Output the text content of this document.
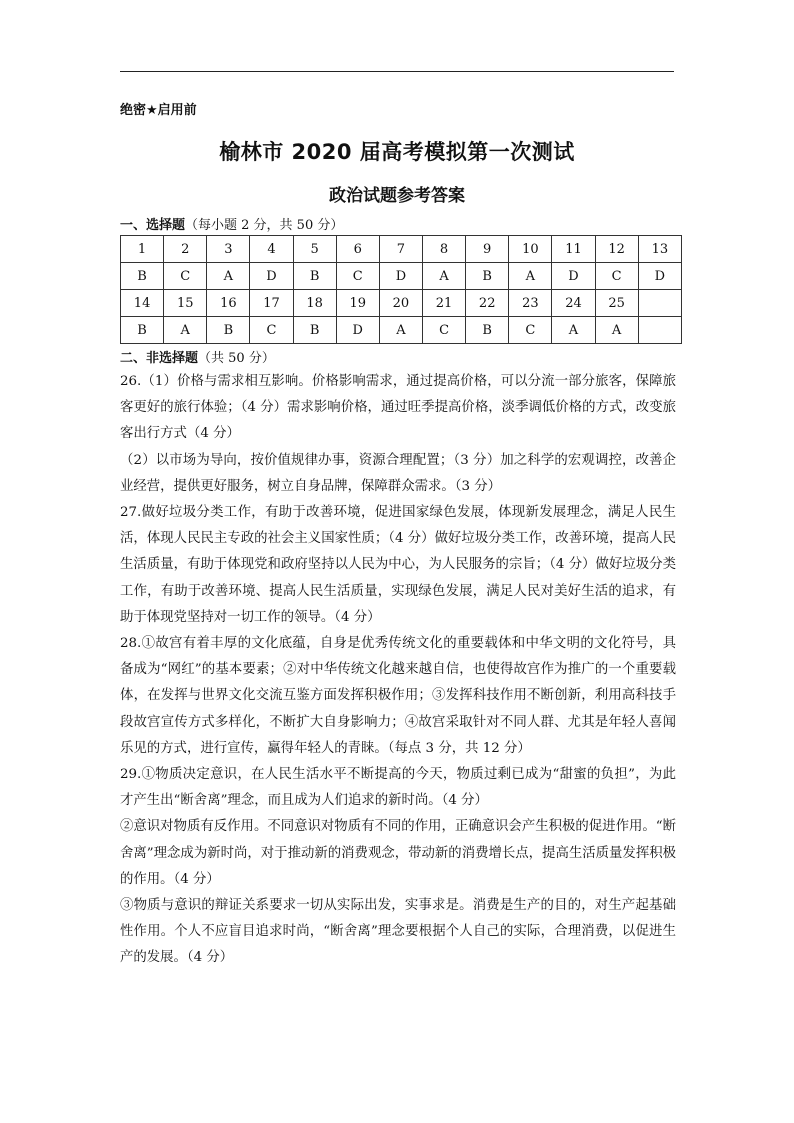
绝密★启用前
榆林市 2020 届高考模拟第一次测试
政治试题参考答案
一、选择题（每小题 2 分，共 50 分）
1	2	3	4	5	6	7	8	9	10	11	12	13
B	C	A	D	B	C	D	A	B	A	D	C	D
14	15	16	17	18	19	20	21	22	23	24	25	
B	A	B	C	B	D	A	C	B	C	A	A	
二、非选择题（共 50 分）

26.（1）价格与需求相互影响。价格影响需求，通过提高价格，可以分流一部分旅客，保障旅客更好的旅行体验；（4 分）需求影响价格，通过旺季提高价格，淡季调低价格的方式，改变旅客出行方式（4 分）

（2）以市场为导向，按价值规律办事，资源合理配置；（3 分）加之科学的宏观调控，改善企业经营，提供更好服务，树立自身品牌，保障群众需求。（3 分）

27.做好垃圾分类工作，有助于改善环境，促进国家绿色发展，体现新发展理念，满足人民生活，体现人民民主专政的社会主义国家性质；（4 分）做好垃圾分类工作，改善环境，提高人民生活质量，有助于体现党和政府坚持以人民为中心，为人民服务的宗旨；（4 分）做好垃圾分类工作，有助于改善环境、提高人民生活质量，实现绿色发展，满足人民对美好生活的追求，有助于体现党坚持对一切工作的领导。（4 分）

28.①故宫有着丰厚的文化底蕴，自身是优秀传统文化的重要载体和中华文明的文化符号，具备成为“网红”的基本要素；②对中华传统文化越来越自信，也使得故宫作为推广的一个重要载体，在发挥与世界文化交流互鉴方面发挥积极作用；③发挥科技作用不断创新，利用高科技手段故宫宣传方式多样化，不断扩大自身影响力；④故宫采取针对不同人群、尤其是年轻人喜闻乐见的方式，进行宣传，赢得年轻人的青睐。（每点 3 分，共 12 分）

29.①物质决定意识，在人民生活水平不断提高的今天，物质过剩已成为“甜蜜的负担”，为此才产生出“断舍离”理念，而且成为人们追求的新时尚。（4 分）

②意识对物质有反作用。不同意识对物质有不同的作用，正确意识会产生积极的促进作用。“断舍离”理念成为新时尚，对于推动新的消费观念，带动新的消费增长点，提高生活质量发挥积极的作用。（4 分）

③物质与意识的辩证关系要求一切从实际出发，实事求是。消费是生产的目的，对生产起基础性作用。个人不应盲目追求时尚，“断舍离”理念要根据个人自己的实际，合理消费，以促进生产的发展。（4 分）
